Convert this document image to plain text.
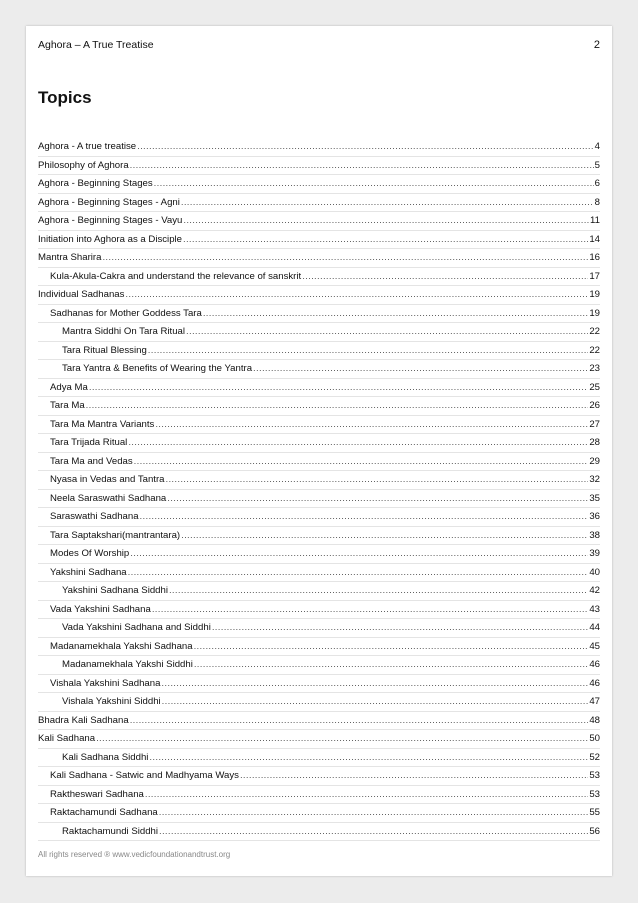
Aghora – A True Treatise	2
Topics
Aghora - A true treatise .....	4
Philosophy of Aghora .....	5
Aghora - Beginning Stages .....	6
Aghora - Beginning Stages - Agni .....	8
Aghora - Beginning Stages - Vayu .....	11
Initiation into Aghora as a Disciple .....	14
Mantra Sharira .....	16
Kula-Akula-Cakra and understand the relevance of sanskrit .....	17
Individual Sadhanas .....	19
Sadhanas for Mother Goddess Tara .....	19
Mantra Siddhi On Tara Ritual .....	22
Tara Ritual Blessing .....	22
Tara Yantra & Benefits of Wearing the Yantra .....	23
Adya Ma .....	25
Tara Ma .....	26
Tara Ma Mantra Variants .....	27
Tara Trijada Ritual .....	28
Tara Ma and Vedas .....	29
Nyasa in Vedas and Tantra .....	32
Neela Saraswathi Sadhana .....	35
Saraswathi Sadhana .....	36
Tara Saptakshari(mantrantara) .....	38
Modes Of Worship .....	39
Yakshini Sadhana .....	40
Yakshini Sadhana Siddhi .....	42
Vada Yakshini Sadhana .....	43
Vada Yakshini Sadhana and Siddhi .....	44
Madanamekhala Yakshi Sadhana .....	45
Madanamekhala Yakshi Siddhi .....	46
Vishala Yakshini Sadhana .....	46
Vishala Yakshini Siddhi .....	47
Bhadra Kali Sadhana .....	48
Kali Sadhana .....	50
Kali Sadhana Siddhi .....	52
Kali Sadhana - Satwic and Madhyama Ways .....	53
Raktheswari Sadhana .....	53
Raktachamundi Sadhana .....	55
Raktachamundi Siddhi .....	56
All rights reserved ® www.vedicfoundationandtrust.org
